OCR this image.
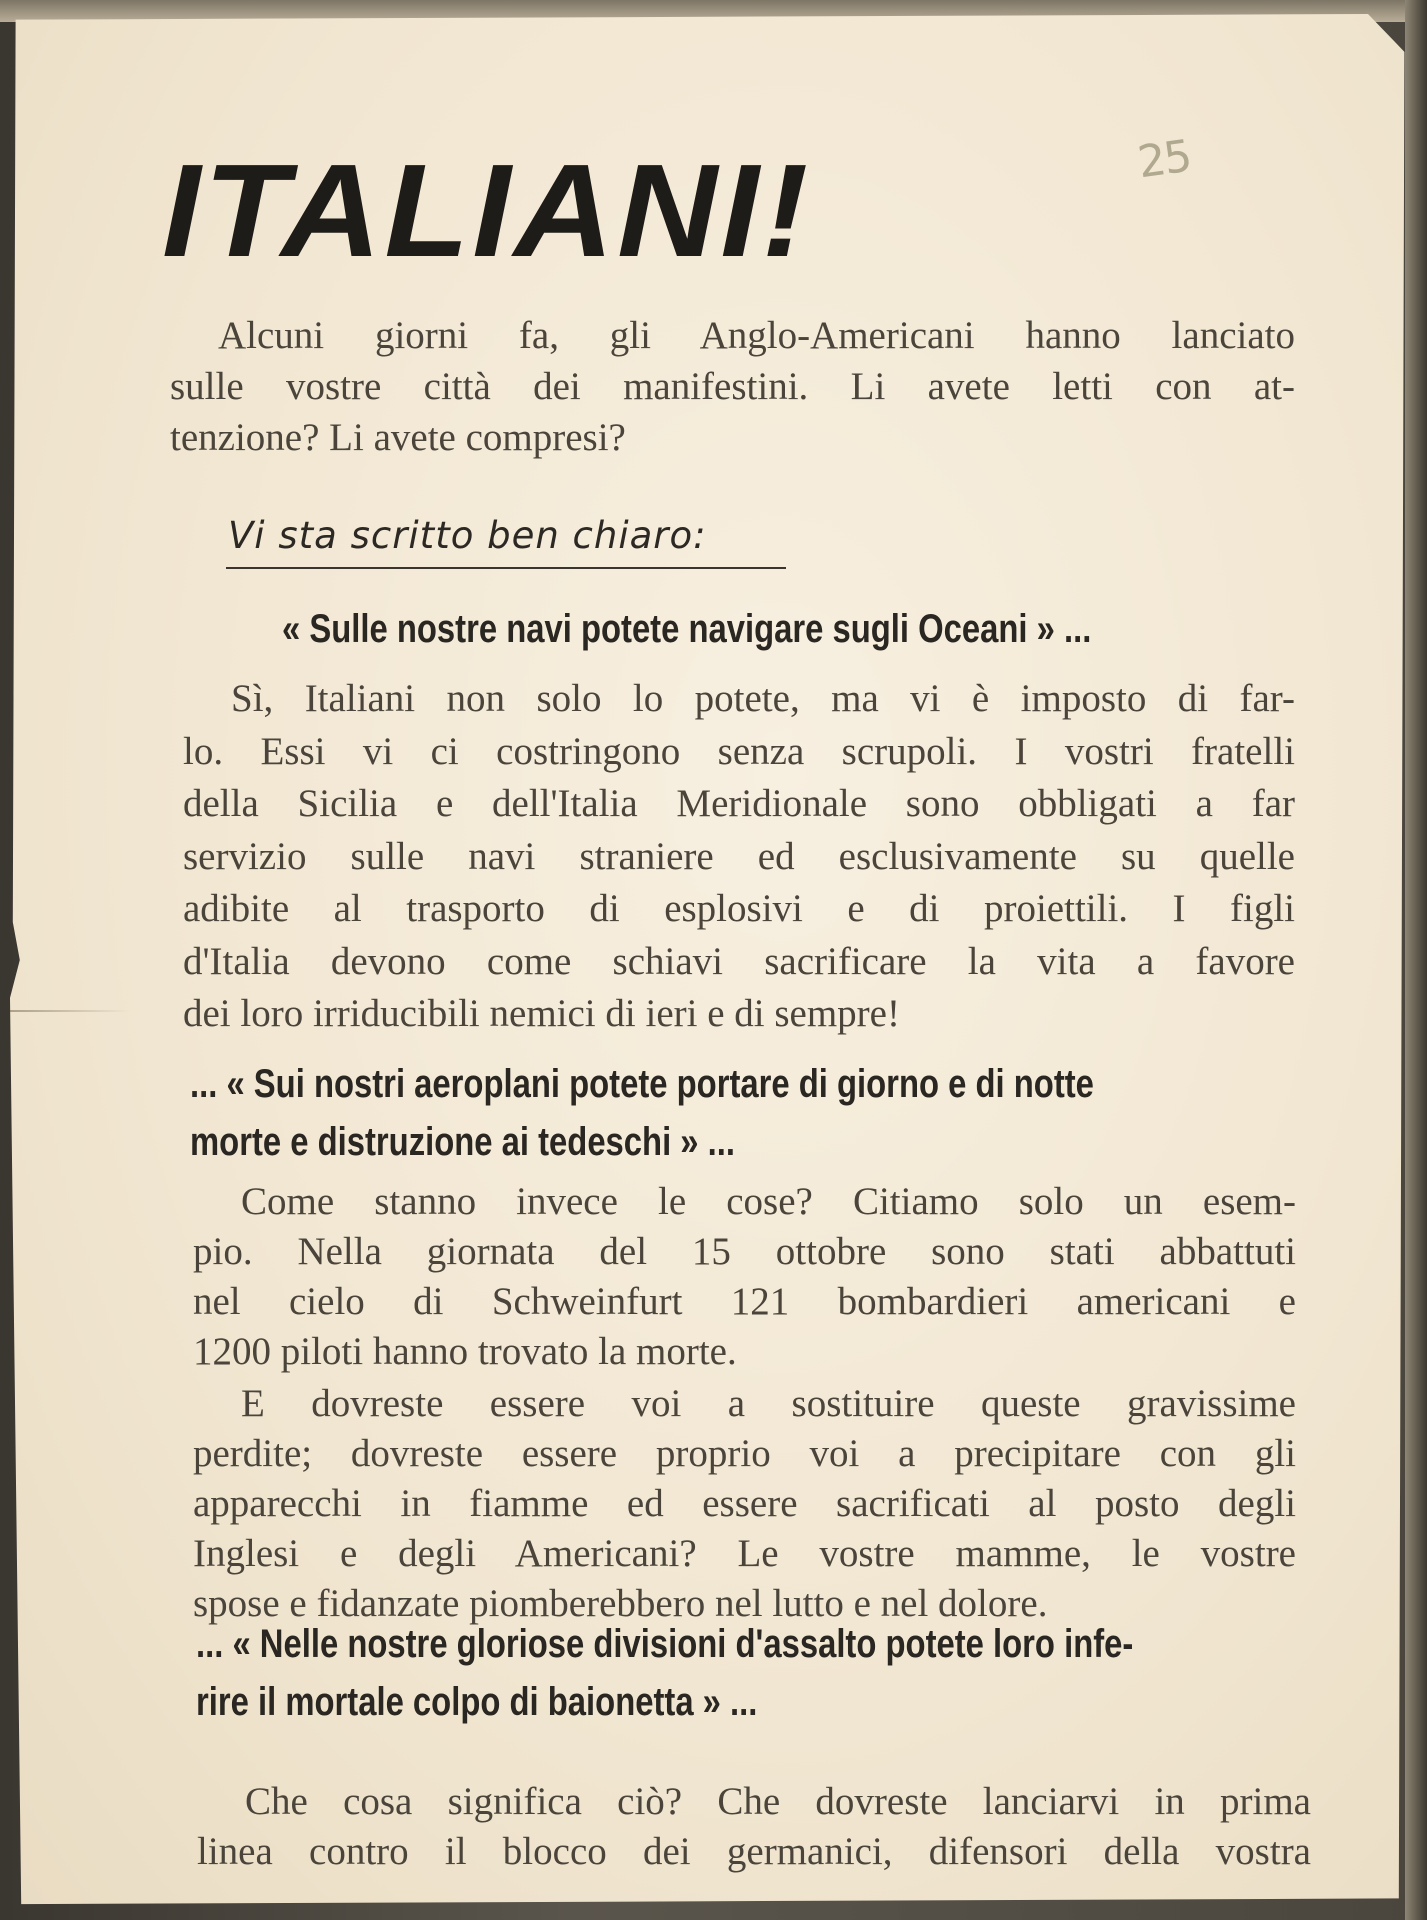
25
ITALIANI!
Alcuni giorni fa, gli Anglo-Americani hanno lanciato
sulle vostre città dei manifestini. Li avete letti con at-
tenzione? Li avete compresi?
Vi sta scritto ben chiaro:
« Sulle nostre navi potete navigare sugli Oceani » ...
Sì, Italiani non solo lo potete, ma vi è imposto di far-
lo. Essi vi ci costringono senza scrupoli. I vostri fratelli
della Sicilia e dell'Italia Meridionale sono obbligati a far
servizio sulle navi straniere ed esclusivamente su quelle
adibite al trasporto di esplosivi e di proiettili. I figli
d'Italia devono come schiavi sacrificare la vita a favore
dei loro irriducibili nemici di ieri e di sempre!
... « Sui nostri aeroplani potete portare di giorno e di notte
morte e distruzione ai tedeschi » ...
Come stanno invece le cose? Citiamo solo un esem-
pio. Nella giornata del 15 ottobre sono stati abbattuti
nel cielo di Schweinfurt 121 bombardieri americani e
1200 piloti hanno trovato la morte.
E dovreste essere voi a sostituire queste gravissime
perdite; dovreste essere proprio voi a precipitare con gli
apparecchi in fiamme ed essere sacrificati al posto degli
Inglesi e degli Americani? Le vostre mamme, le vostre
spose e fidanzate piomberebbero nel lutto e nel dolore.
... « Nelle nostre gloriose divisioni d'assalto potete loro infe-
rire il mortale colpo di baionetta » ...
Che cosa significa ciò? Che dovreste lanciarvi in prima
linea contro il blocco dei germanici, difensori della vostra
